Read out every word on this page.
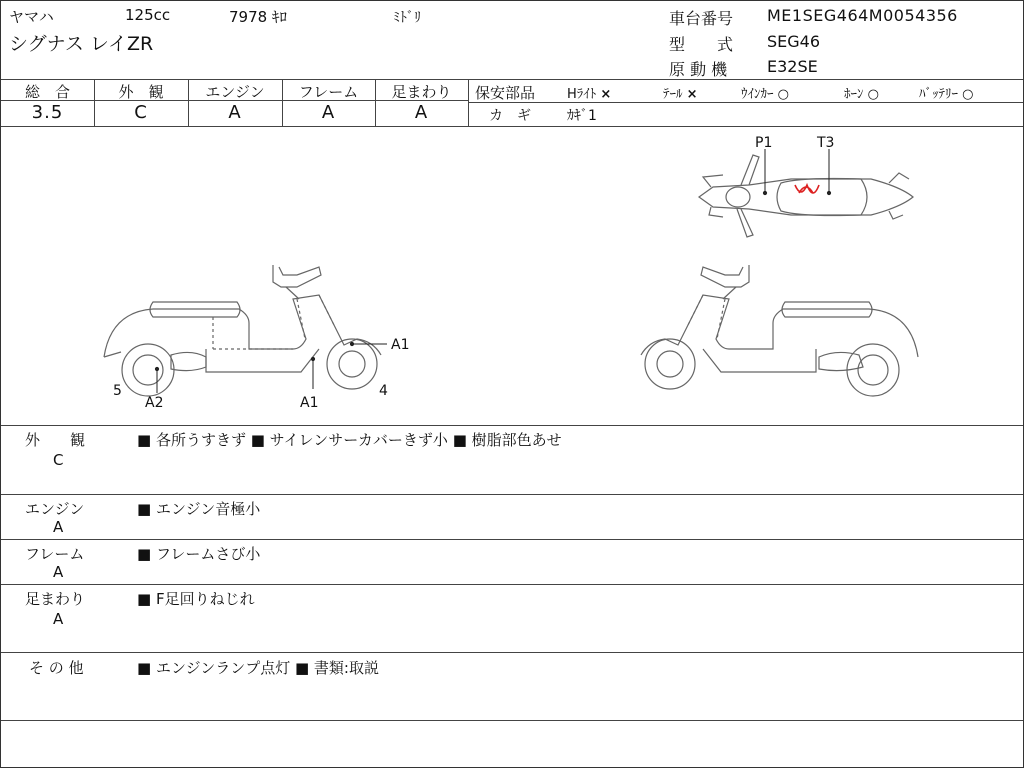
ヤマハ	125cc	7978 ｷﾛ	ﾐﾄﾞﾘ
シグナス レイZR
車台番号 ME1SEG464M0054356
型　　式 SEG46
原 動 機 E32SE
総　合	外　観	エンジン	フレーム	足まわり
3.5	C	A	A	A
保安部品 Hﾗｲﾄ ×	ﾃｰﾙ ×	ｳｲﾝｶｰ ○	ﾎｰﾝ ○	ﾊﾞｯﾃﾘｰ ○
カ　ギ	ｶｷﾞ1
P1	T3
A1
A1
A2
5	4
外　　観
C
■ 各所うすきず ■ サイレンサーカバーきず小 ■ 樹脂部色あせ
エンジン
A
■ エンジン音極小
フレーム
A
■ フレームさび小
足まわり
A
■ F足回りねじれ
そ の 他	■ エンジンランプ点灯 ■ 書類:取説
